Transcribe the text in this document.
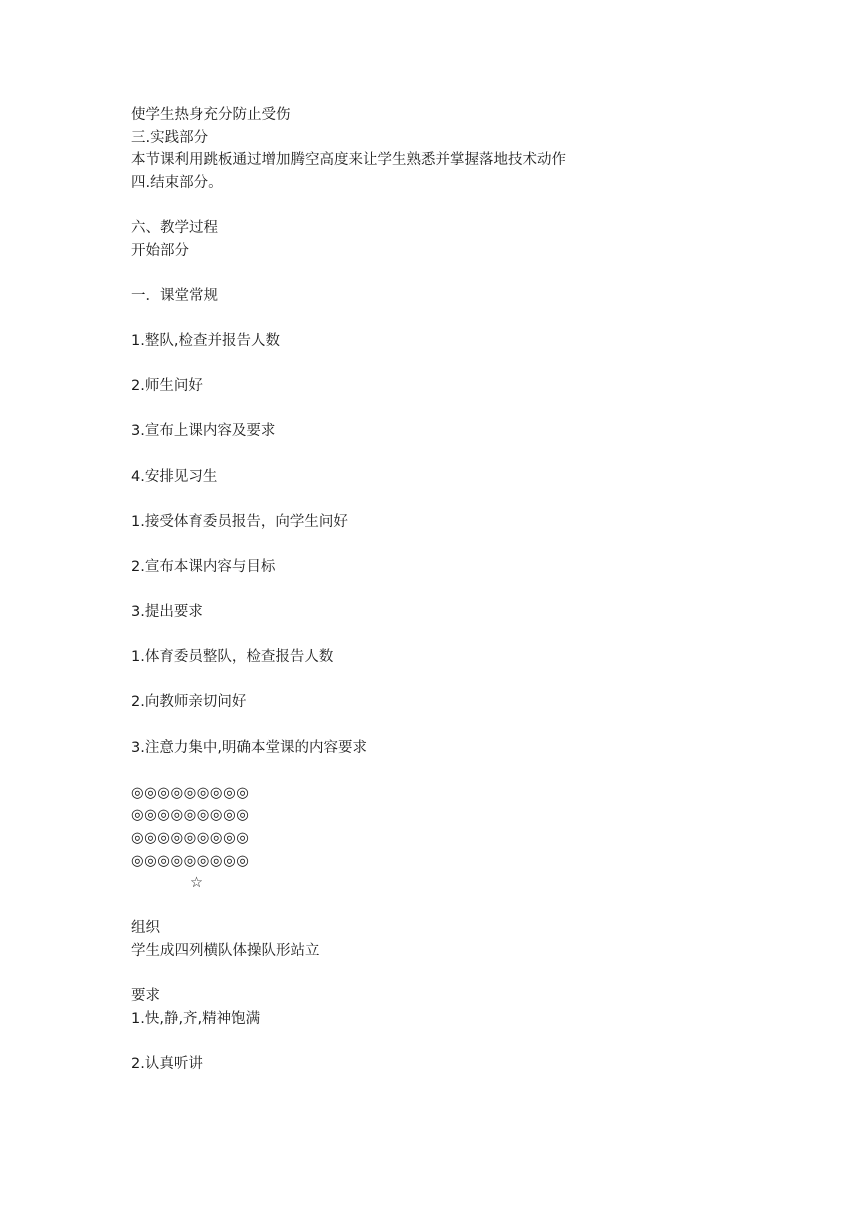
使学生热身充分防止受伤

三.实践部分

本节课利用跳板通过增加腾空高度来让学生熟悉并掌握落地技术动作

四.结束部分。

六、教学过程

开始部分

一．课堂常规

1.整队,检查并报告人数

2.师生问好

3.宣布上课内容及要求

4.安排见习生

1.接受体育委员报告，向学生问好

2.宣布本课内容与目标

3.提出要求

1.体育委员整队，检查报告人数

2.向教师亲切问好

3.注意力集中,明确本堂课的内容要求

◎◎◎◎◎◎◎◎◎

◎◎◎◎◎◎◎◎◎

◎◎◎◎◎◎◎◎◎

◎◎◎◎◎◎◎◎◎

☆

组织

学生成四列横队体操队形站立

要求

1.快,静,齐,精神饱满

2.认真听讲
